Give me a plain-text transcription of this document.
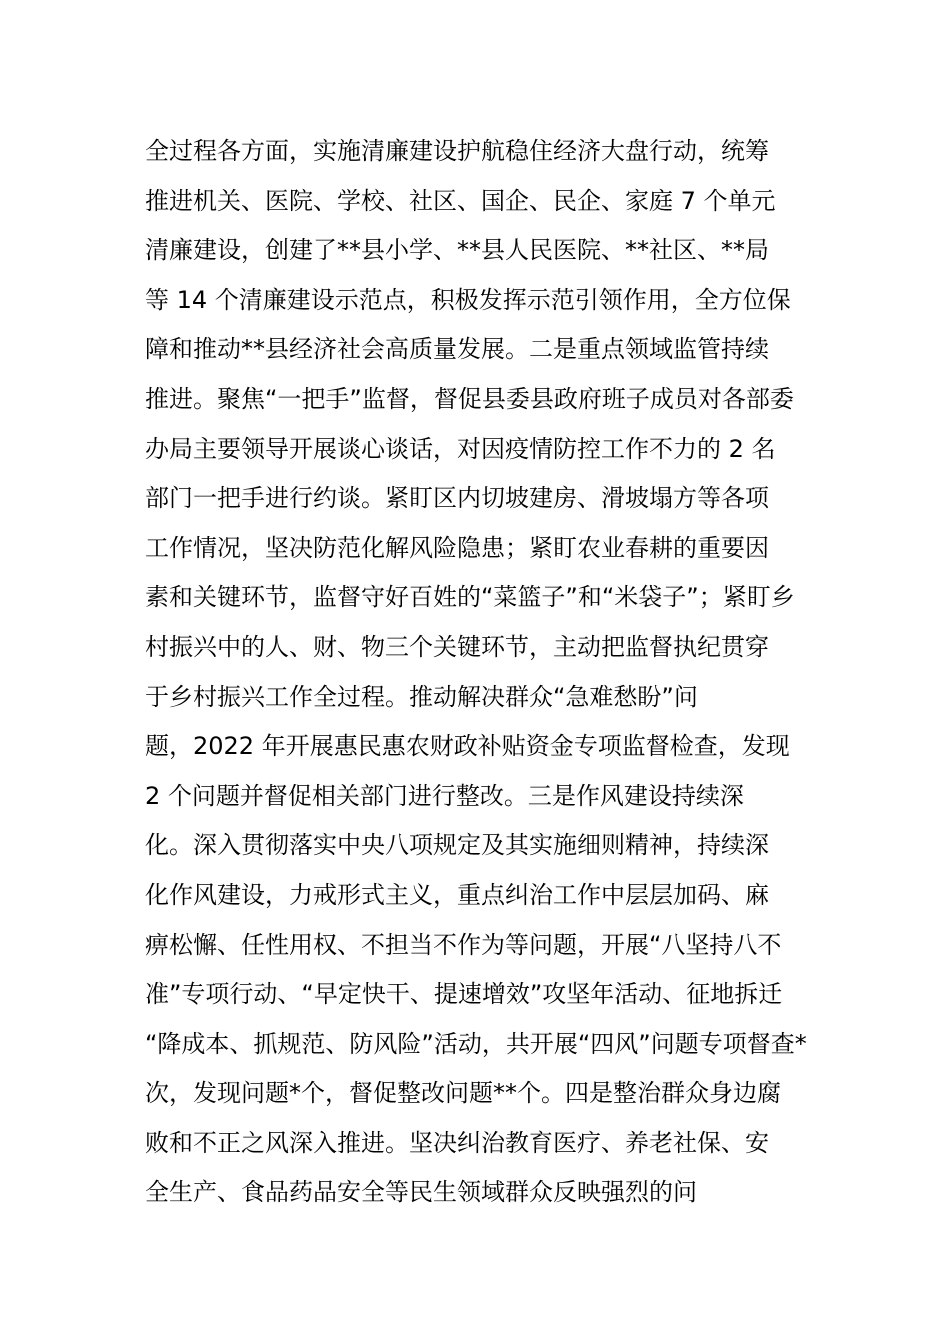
全过程各方面，实施清廉建设护航稳住经济大盘行动，统筹
推进机关、医院、学校、社区、国企、民企、家庭 7 个单元
清廉建设，创建了**县小学、**县人民医院、**社区、**局
等 14 个清廉建设示范点，积极发挥示范引领作用，全方位保
障和推动**县经济社会高质量发展。二是重点领域监管持续
推进。聚焦“一把手”监督，督促县委县政府班子成员对各部委
办局主要领导开展谈心谈话，对因疫情防控工作不力的 2 名
部门一把手进行约谈。紧盯区内切坡建房、滑坡塌方等各项
工作情况，坚决防范化解风险隐患；紧盯农业春耕的重要因
素和关键环节，监督守好百姓的“菜篮子”和“米袋子”；紧盯乡
村振兴中的人、财、物三个关键环节，主动把监督执纪贯穿
于乡村振兴工作全过程。推动解决群众“急难愁盼”问
题，2022 年开展惠民惠农财政补贴资金专项监督检查，发现
2 个问题并督促相关部门进行整改。三是作风建设持续深
化。深入贯彻落实中央八项规定及其实施细则精神，持续深
化作风建设，力戒形式主义，重点纠治工作中层层加码、麻
痹松懈、任性用权、不担当不作为等问题，开展“八坚持八不
准”专项行动、“早定快干、提速增效”攻坚年活动、征地拆迁
“降成本、抓规范、防风险”活动，共开展“四风”问题专项督查*
次，发现问题*个，督促整改问题**个。四是整治群众身边腐
败和不正之风深入推进。坚决纠治教育医疗、养老社保、安
全生产、食品药品安全等民生领域群众反映强烈的问
